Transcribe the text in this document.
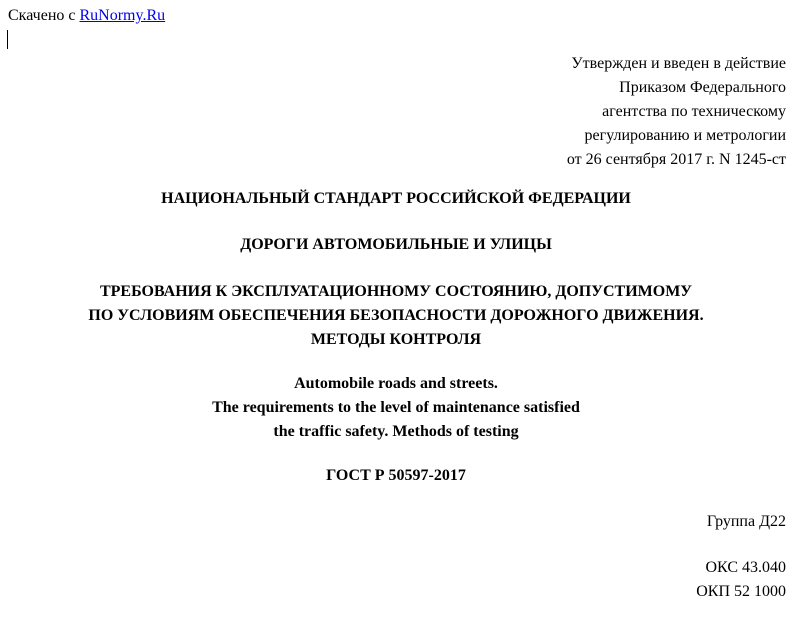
Скачено с RuNormy.Ru
Утвержден и введен в действие
Приказом Федерального
агентства по техническому
регулированию и метрологии
от 26 сентября 2017 г. N 1245-ст
НАЦИОНАЛЬНЫЙ СТАНДАРТ РОССИЙСКОЙ ФЕДЕРАЦИИ
ДОРОГИ АВТОМОБИЛЬНЫЕ И УЛИЦЫ
ТРЕБОВАНИЯ К ЭКСПЛУАТАЦИОННОМУ СОСТОЯНИЮ, ДОПУСТИМОМУ
ПО УСЛОВИЯМ ОБЕСПЕЧЕНИЯ БЕЗОПАСНОСТИ ДОРОЖНОГО ДВИЖЕНИЯ.
МЕТОДЫ КОНТРОЛЯ
Automobile roads and streets.
The requirements to the level of maintenance satisfied
the traffic safety. Methods of testing
ГОСТ Р 50597-2017
Группа Д22
ОКС 43.040
ОКП 52 1000
